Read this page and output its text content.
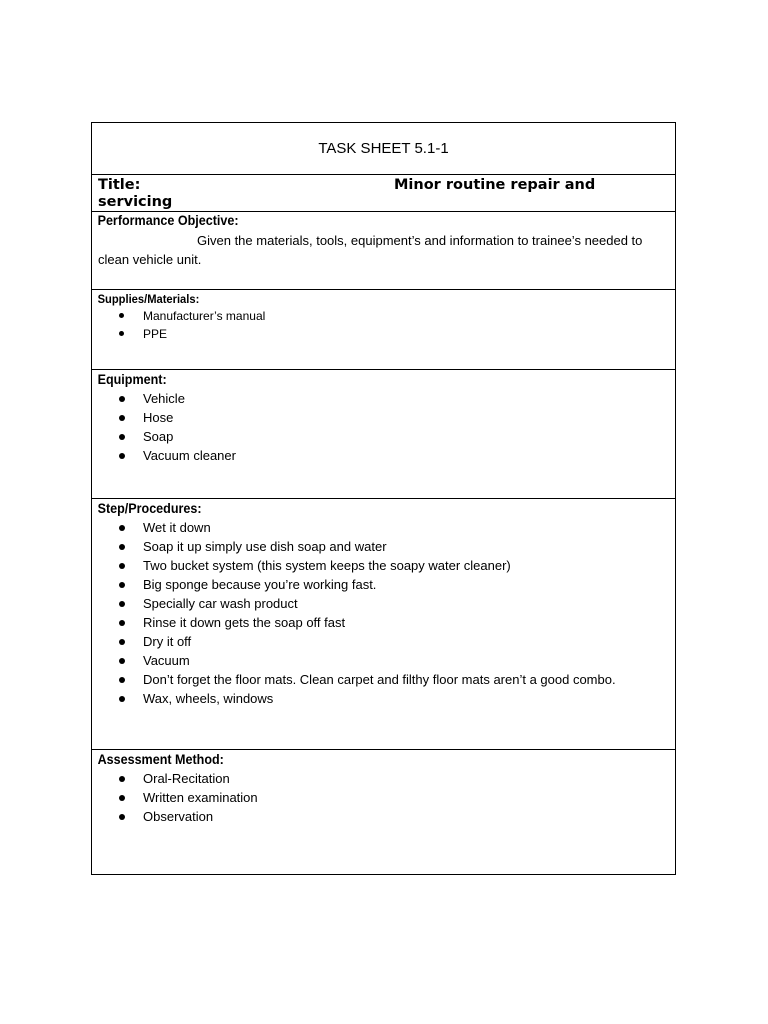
TASK SHEET 5.1-1
Title:	Minor routine repair and
servicing
Performance Objective:
Given the materials, tools, equipment’s and information to trainee’s needed to clean vehicle unit.
Supplies/Materials:
Manufacturer’s manual
PPE
Equipment:
Vehicle
Hose
Soap
Vacuum cleaner
Step/Procedures:
Wet it down
Soap it up simply use dish soap and water
Two bucket system (this system keeps the soapy water cleaner)
Big sponge because you’re working fast.
Specially car wash product
Rinse it down gets the soap off fast
Dry it off
Vacuum
Don’t forget the floor mats. Clean carpet and filthy floor mats aren’t a good combo.
Wax, wheels, windows
Assessment Method:
Oral-Recitation
Written examination
Observation
